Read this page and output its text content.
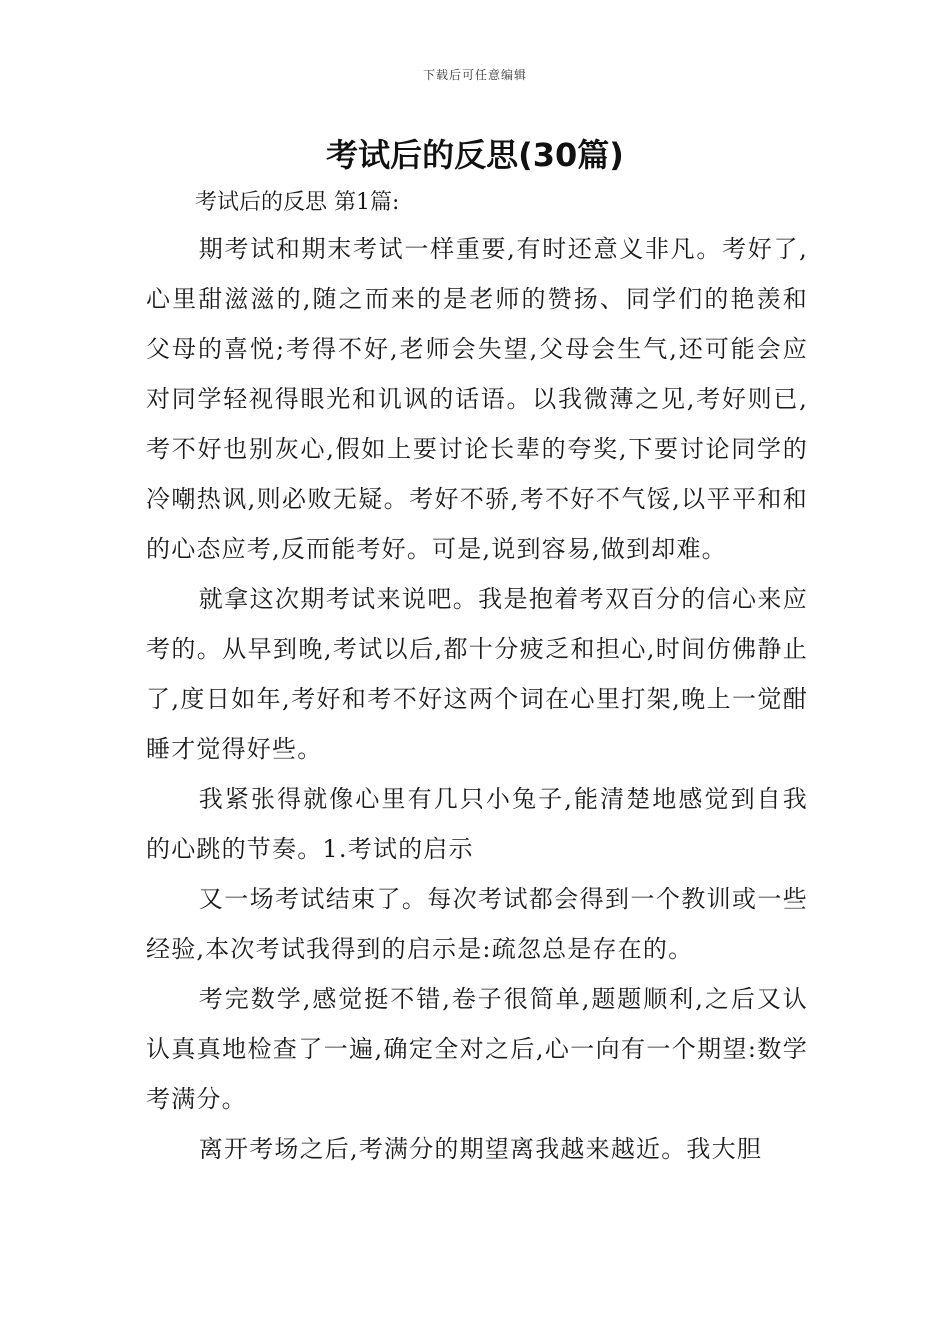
下载后可任意编辑
考试后的反思(30篇)
考试后的反思 第1篇:

期考试和期末考试一样重要,有时还意义非凡。考好了,心里甜滋滋的,随之而来的是老师的赞扬、同学们的艳羡和父母的喜悦;考得不好,老师会失望,父母会生气,还可能会应对同学轻视得眼光和讥讽的话语。以我微薄之见,考好则已,考不好也别灰心,假如上要讨论长辈的夸奖,下要讨论同学的冷嘲热讽,则必败无疑。考好不骄,考不好不气馁,以平平和和的心态应考,反而能考好。可是,说到容易,做到却难。

就拿这次期考试来说吧。我是抱着考双百分的信心来应考的。从早到晚,考试以后,都十分疲乏和担心,时间仿佛静止了,度日如年,考好和考不好这两个词在心里打架,晚上一觉酣睡才觉得好些。

我紧张得就像心里有几只小兔子,能清楚地感觉到自我的心跳的节奏。1.考试的启示

又一场考试结束了。每次考试都会得到一个教训或一些经验,本次考试我得到的启示是:疏忽总是存在的。

考完数学,感觉挺不错,卷子很简单,题题顺利,之后又认认真真地检查了一遍,确定全对之后,心一向有一个期望:数学考满分。

离开考场之后,考满分的期望离我越来越近。我大胆
